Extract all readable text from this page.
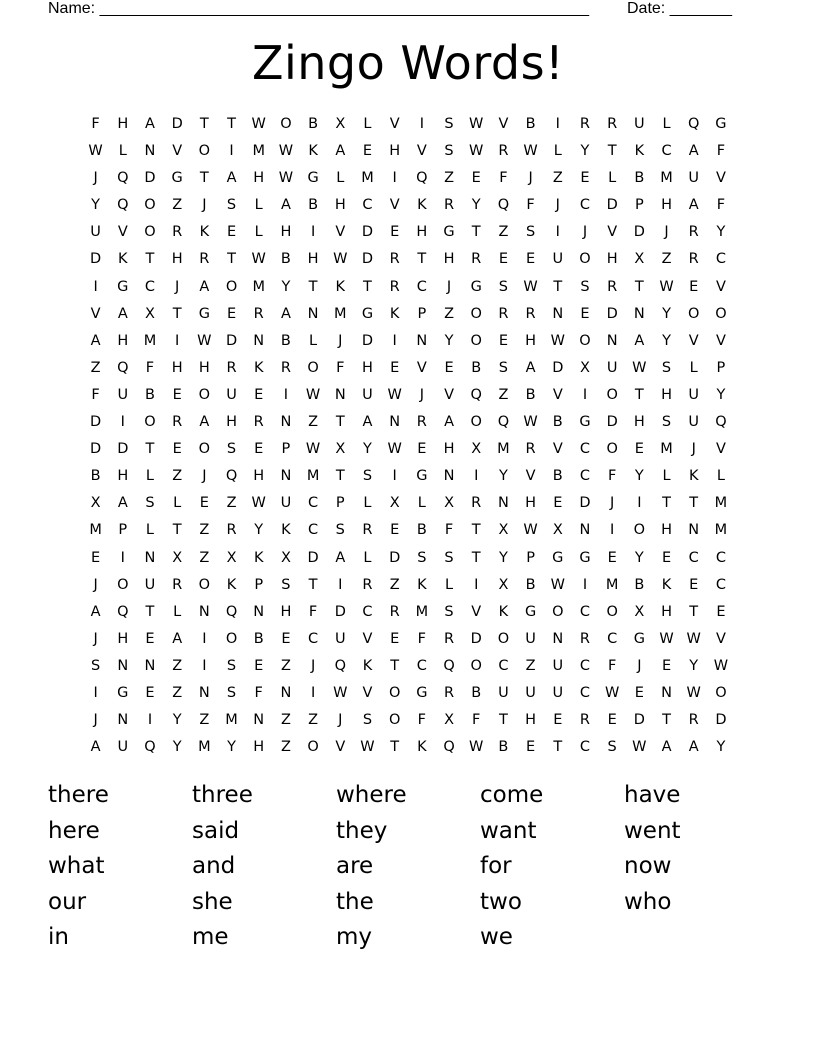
Name: _______________________________________________________ Date: _______
Zingo Words!
F	H	A	D	T	T	W O	B	X	L	V	I	S	W	V	B	I	R	R	U	L	Q	G
W	L	N	V	O	I	M W	K	A	E	H	V	S	W	R	W	L	Y	T	K	C	A	F
J	Q	D	G	T	A	H	W G	L	M	I	Q	Z	E	F	J	Z	E	L	B	M	U	V
Y	Q	O	Z	J	S	L	A	B	H	C	V	K	R	Y	Q	F	J	C	D	P	H	A	F
U	V	O	R	K	E	L	H	I	V	D	E	H	G	T	Z	S	I	J	V	D	J	R	Y
D	K	T	H	R	T	W	B	H	W D	R	T	H	R	E	E	U	O	H	X	Z	R	C
I	G	C	J	A	O	M	Y	T	K	T	R	C	J	G	S	W	T	S	R	T	W	E	V
V	A	X	T	G	E	R	A	N	M	G	K	P	Z	O	R	R	N	E	D	N	Y	O	O
A	H	M	I	W D	N	B	L	J	D	I	N	Y	O	E	H	W O	N	A	Y	V	V
Z	Q	F	H	H	R	K	R	O	F	H	E	V	E	B	S	A	D	X	U	W	S	L	P
F	U	B	E	O	U	E	I	W	N	U	W	J	V	Q	Z	B	V	I	O	T	H	U	Y
D	I	O	R	A	H	R	N	Z	T	A	N	R	A	O	Q W	B	G	D	H	S	U	Q
D	D	T	E	O	S	E	P	W	X	Y	W	E	H	X	M	R	V	C	O	E	M	J	V
B	H	L	Z	J	Q	H	N	M	T	S	I	G	N	I	Y	V	B	C	F	Y	L	K	L
X	A	S	L	E	Z	W	U	C	P	L	X	L	X	R	N	H	E	D	J	I	T	T	M
M	P	L	T	Z	R	Y	K	C	S	R	E	B	F	T	X	W	X	N	I	O	H	N	M
E	I	N	X	Z	X	K	X	D	A	L	D	S	S	T	Y	P	G	G	E	Y	E	C	C
J	O	U	R	O	K	P	S	T	I	R	Z	K	L	I	X	B	W	I	M	B	K	E	C
A	Q	T	L	N	Q	N	H	F	D	C	R	M	S	V	K	G	O	C	O	X	H	T	E
J	H	E	A	I	O	B	E	C	U	V	E	F	R	D	O	U	N	R	C	G W W	V
S	N	N	Z	I	S	E	Z	J	Q	K	T	C	Q	O	C	Z	U	C	F	J	E	Y	W
I	G	E	Z	N	S	F	N	I	W	V	O	G	R	B	U	U	U	C	W	E	N	W O
J	N	I	Y	Z	M	N	Z	Z	J	S	O	F	X	F	T	H	E	R	E	D	T	R	D
A	U	Q	Y	M	Y	H	Z	O	V	W	T	K	Q W	B	E	T	C	S	W	A	A	Y
there	three	where	come	have
here	said	they	want	went
what	and	are	for	now
our	she	the	two	who
in	me	my	we
